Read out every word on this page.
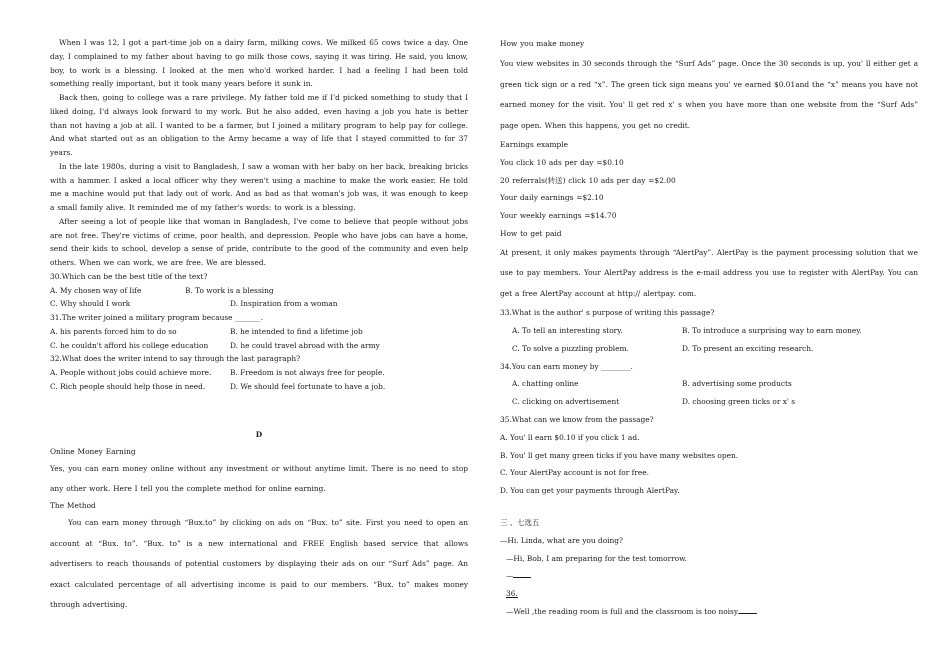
When I was 12, I got a part-time job on a dairy farm, milking cows. We milked 65 cows twice a day. One day, I complained to my father about having to go milk those cows, saying it was tiring. He said, you know, boy, to work is a blessing. I looked at the men who'd worked harder. I had a feeling I had been told something really important, but it took many years before it sunk in.

Back then, going to college was a rare privilege. My father told me if I'd picked something to study that I liked doing, I'd always look forward to my work. But he also added, even having a job you hate is better than not having a job at all. I wanted to be a farmer, but I joined a military program to help pay for college. And what started out as an obligation to the Army became a way of life that I stayed committed to for 37 years.

In the late 1980s, during a visit to Bangladesh, I saw a woman with her baby on her back, breaking bricks with a hammer. I asked a local officer why they weren't using a machine to make the work easier. He told me a machine would put that lady out of work. And as bad as that woman's job was, it was enough to keep a small family alive. It reminded me of my father's words: to work is a blessing.

After seeing a lot of people like that woman in Bangladesh, I've come to believe that people without jobs are not free. They're victims of crime, poor health, and depression. People who have jobs can have a home, send their kids to school, develop a sense of pride, contribute to the good of the community and even help others. When we can work, we are free. We are blessed.

30.Which can be the best title of the text?
A. My chosen way of life	B. To work is a blessing
C. Why should I work	D. Inspiration from a woman
31.The writer joined a military program because _______.
A. his parents forced him to do so	B. he intended to find a lifetime job
C. he couldn't afford his college education	D. he could travel abroad with the army
32.What does the writer intend to say through the last paragraph?
A. People without jobs could achieve more.	B. Freedom is not always free for people.
C. Rich people should help those in need.	D. We should feel fortunate to have a job.
D

Online Money Earning

Yes, you can earn money online without any investment or without anytime limit. There is no need to stop any other work. Here I tell you the complete method for online earning.

The Method

You can earn money through “Bux.to” by clicking on ads on “Bux. to” site. First you need to open an account at “Bux. to”. “Bux. to” is a new international and FREE English based service that allows advertisers to reach thousands of potential customers by displaying their ads on our “Surf Ads” page. An exact calculated percentage of all advertising income is paid to our members. “Bux. to” makes money through advertising.

How you make money

You view websites in 30 seconds through the “Surf Ads” page. Once the 30 seconds is up, you' ll either get a green tick sign or a red “x”. The green tick sign means you' ve earned $0.01and the “x” means you have not earned money for the visit. You' ll get red x' s when you have more than one website from the “Surf Ads” page open. When this happens, you get no credit.

Earnings example

You click 10 ads per day =$0.10

20 referrals(转送) click 10 ads per day =$2.00

Your daily earnings =$2.10

Your weekly earnings =$14.70

How to get paid

At present, it only makes payments through “AlertPay”. AlertPay is the payment processing solution that we use to pay members. Your AlertPay address is the e-mail address you use to register with AlertPay. You can get a free AlertPay account at http:// alertpay. com.

33.What is the author' s purpose of writing this passage?
A. To tell an interesting story.	B. To introduce a surprising way to earn money.
C. To solve a puzzling problem.	D. To present an exciting research.
34.You can earn money by ________.
A. chatting online	B. advertising some products
C. clicking on advertisement	D. choosing green ticks or x' s
35.What can we know from the passage?
A. You' ll earn $0.10 if you click 1 ad.
B. You' ll get many green ticks if you have many websites open.
C. Your AlertPay account is not for free.
D. You can get your payments through AlertPay.
三 、七选五
—Hi. Linda, what are you doing?
—Hi, Bob, I am preparing for the test tomorrow.
—
36.
—Well ,the reading room is full and the classroom is too noisy.
